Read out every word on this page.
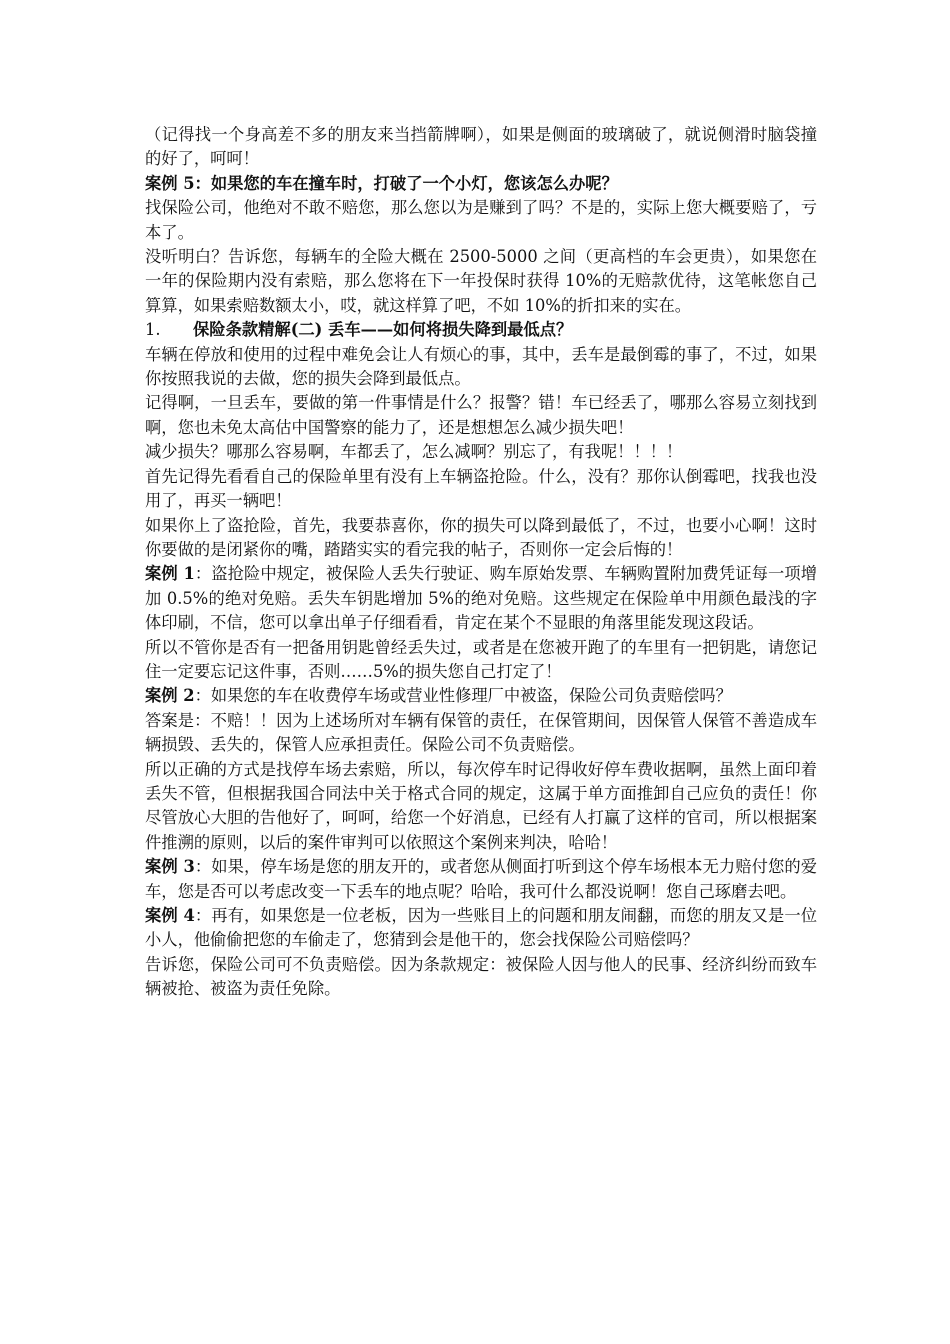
（记得找一个身高差不多的朋友来当挡箭牌啊），如果是侧面的玻璃破了，就说侧滑时脑袋撞的好了，呵呵！

案例 5：如果您的车在撞车时，打破了一个小灯，您该怎么办呢？

找保险公司，他绝对不敢不赔您，那么您以为是赚到了吗？不是的，实际上您大概要赔了，亏本了。

没听明白？告诉您，每辆车的全险大概在 2500-5000 之间（更高档的车会更贵），如果您在一年的保险期内没有索赔，那么您将在下一年投保时获得 10%的无赔款优待，这笔帐您自己算算，如果索赔数额太小，哎，就这样算了吧，不如 10%的折扣来的实在。

1.	保险条款精解(二) 丢车——如何将损失降到最低点？

车辆在停放和使用的过程中难免会让人有烦心的事，其中，丢车是最倒霉的事了，不过，如果你按照我说的去做，您的损失会降到最低点。

记得啊，一旦丢车，要做的第一件事情是什么？报警？错！车已经丢了，哪那么容易立刻找到啊，您也未免太高估中国警察的能力了，还是想想怎么减少损失吧！

减少损失？哪那么容易啊，车都丢了，怎么减啊？别忘了，有我呢！！！！

首先记得先看看自己的保险单里有没有上车辆盗抢险。什么，没有？那你认倒霉吧，找我也没用了，再买一辆吧！

如果你上了盗抢险，首先，我要恭喜你，你的损失可以降到最低了，不过，也要小心啊！这时你要做的是闭紧你的嘴，踏踏实实的看完我的帖子，否则你一定会后悔的！

案例 1：盗抢险中规定，被保险人丢失行驶证、购车原始发票、车辆购置附加费凭证每一项增加 0.5%的绝对免赔。丢失车钥匙增加 5%的绝对免赔。这些规定在保险单中用颜色最浅的字体印刷，不信，您可以拿出单子仔细看看，肯定在某个不显眼的角落里能发现这段话。

所以不管你是否有一把备用钥匙曾经丢失过，或者是在您被开跑了的车里有一把钥匙，请您记住一定要忘记这件事，否则……5%的损失您自己打定了！

案例 2：如果您的车在收费停车场或营业性修理厂中被盗，保险公司负责赔偿吗？

答案是：不赔！！因为上述场所对车辆有保管的责任，在保管期间，因保管人保管不善造成车辆损毁、丢失的，保管人应承担责任。保险公司不负责赔偿。

所以正确的方式是找停车场去索赔，所以，每次停车时记得收好停车费收据啊，虽然上面印着丢失不管，但根据我国合同法中关于格式合同的规定，这属于单方面推卸自己应负的责任！你尽管放心大胆的告他好了，呵呵，给您一个好消息，已经有人打赢了这样的官司，所以根据案件推溯的原则，以后的案件审判可以依照这个案例来判决，哈哈！

案例 3：如果，停车场是您的朋友开的，或者您从侧面打听到这个停车场根本无力赔付您的爱车，您是否可以考虑改变一下丢车的地点呢？哈哈，我可什么都没说啊！您自己琢磨去吧。

案例 4：再有，如果您是一位老板，因为一些账目上的问题和朋友闹翻，而您的朋友又是一位小人，他偷偷把您的车偷走了，您猜到会是他干的，您会找保险公司赔偿吗？

告诉您，保险公司可不负责赔偿。因为条款规定：被保险人因与他人的民事、经济纠纷而致车辆被抢、被盗为责任免除。
